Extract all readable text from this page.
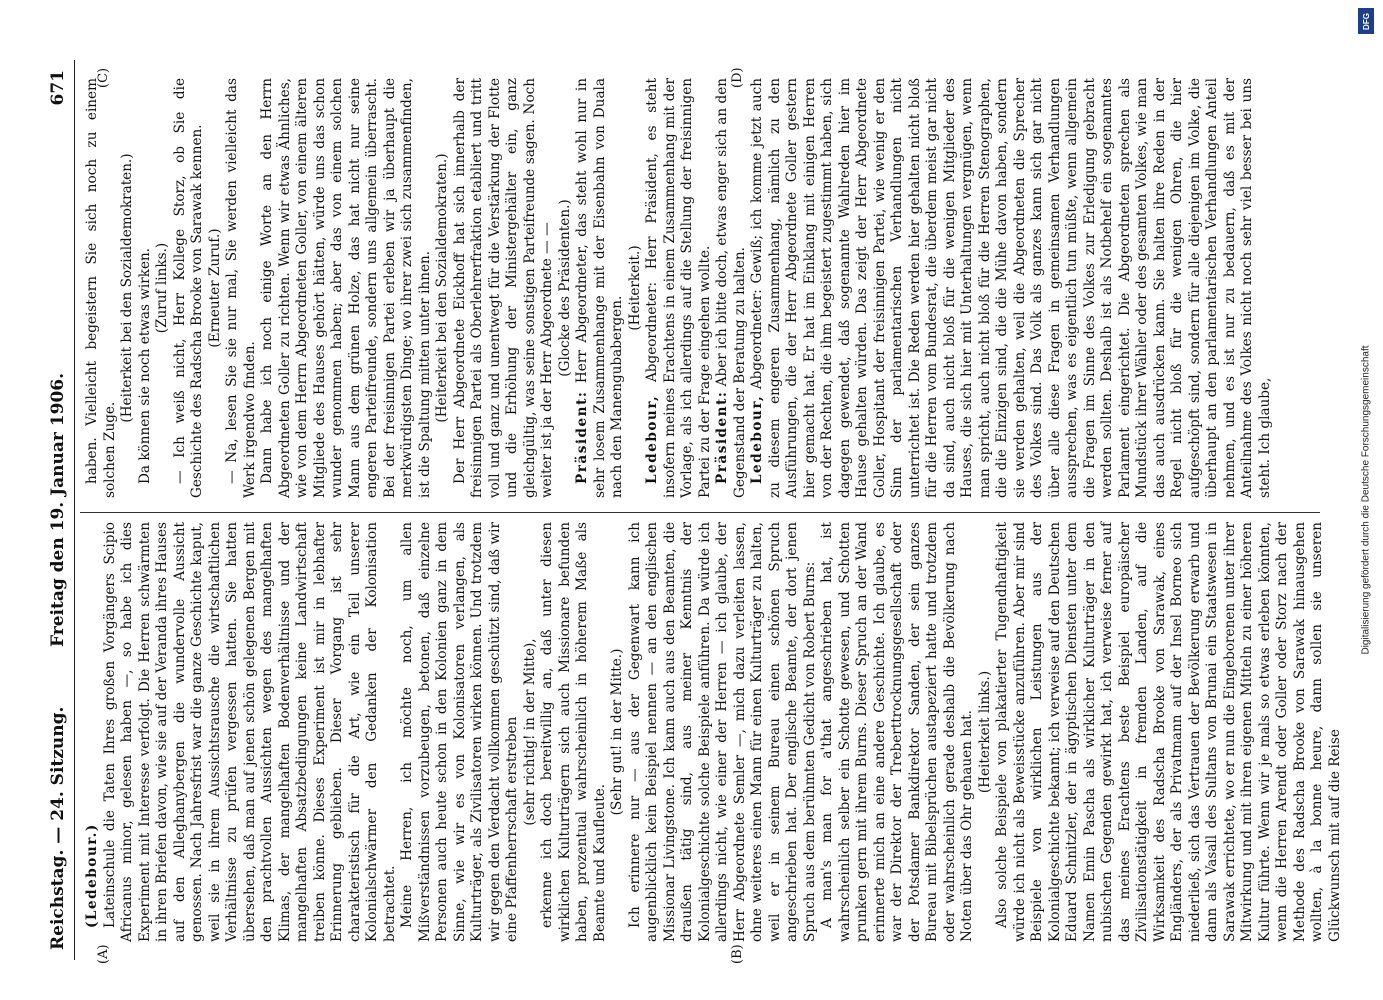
Reichstag. — 24. Sitzung.
Freitag den 19. Januar 1906.
671
(A)	(B)
(C)	(D)

(Ledebour.) Lateinschule die Taten Ihres großen Vorgängers Scipio Africanus minor, gelesen haben —, so habe ich dies Experiment mit Interesse verfolgt. Die Herren schwärmten in ihren Briefen davon, wie sie auf der Veranda ihres Hauses auf den Alleghanybergen die wundervolle Aussicht genossen. Nach Jahresfrist war die ganze Geschichte kaput, weil sie in ihrem Aussichtsrausche die wirtschaftlichen Verhältnisse zu prüfen vergessen hatten. Sie hatten übersehen, daß man auf jenen schön gelegenen Bergen mit den prachtvollen Aussichten wegen des mangelhaften Klimas, der mangelhaften Bodenverhältnisse und der mangelhaften Absatzbedingungen keine Landwirtschaft treiben könne. Dieses Experiment ist mir in lebhafter Erinnerung geblieben. Dieser Vorgang ist sehr charakteristisch für die Art, wie ein Teil unserer Kolonialschwärmer den Gedanken der Kolonisation betrachtet. Meine Herren, ich möchte noch, um allen Mißverständnissen vorzubeugen, betonen, daß einzelne Personen auch heute schon in den Kolonien ganz in dem Sinne, wie wir es von Kolonisatoren verlangen, als Kulturträger, als Zivilisatoren wirken können. Und trotzdem wir gegen den Verdacht vollkommen geschützt sind, daß wir eine Pfaffenherrschaft erstreben (sehr richtig! in der Mitte), erkenne ich doch bereitwillig an, daß unter diesen wirklichen Kulturträgern sich auch Missionare befunden haben, prozentual wahrscheinlich in höherem Maße als Beamte und Kaufleute.

(Sehr gut! in der Mitte.) Ich erinnere nur — aus der Gegenwart kann ich augenblicklich kein Beispiel nennen — an den englischen Missionar Livingstone. Ich kann auch aus den Beamten, die draußen tätig sind, aus meiner Kenntnis der Kolonialgeschichte solche Beispiele anführen. Da würde ich allerdings nicht, wie einer der Herren — ich glaube, der Herr Abgeordnete Semler —, mich dazu verleiten lassen, ohne weiteres einen Mann für einen Kulturträger zu halten, weil er in seinem Bureau einen schönen Spruch angeschrieben hat. Der englische Beamte, der dort jenen Spruch aus dem berühmten Gedicht von Robert Burns: A man's man for a'that angeschrieben hat, ist wahrscheinlich selber ein Schotte gewesen, und Schotten prunken gern mit ihrem Burns. Dieser Spruch an der Wand erinnerte mich an eine andere Geschichte. Ich glaube, es war der Direktor der Treberttrocknungsgesellschaft oder der Potsdamer Bankdirektor Sanden, der sein ganzes Bureau mit Bibelsprüchen austapeziert hatte und trotzdem oder wahrscheinlich gerade deshalb die Bevölkerung nach Noten über das Ohr gehauen hat. (Heiterkeit links.) Also solche Beispiele von plakatierter Tugendhaftigkeit würde ich nicht als Beweisstücke anzuführen. Aber mir sind Beispiele von wirklichen Leistungen aus der Kolonialgeschichte bekannt; ich verweise auf den Deutschen Eduard Schnitzler, der in ägyptischen Diensten unter dem Namen Emin Pascha als wirklicher Kulturträger in den nubischen Gegenden gewirkt hat, ich verweise ferner auf das meines Erachtens beste Beispiel europäischer Zivilisationstätigkeit in fremden Landen, auf die Wirksamkeit des Radscha Brooke von Sarawak, eines Engländers, der als Privatmann auf der Insel Borneo sich niederließ, sich das Vertrauen der Bevölkerung erwarb und dann als Vasall des Sultans von Brunai ein Staatswesen in Sarawak errichtete, wo er nun die Eingeborenen unter ihrer Mitwirkung und mit ihren eigenen Mitteln zu einer höheren Kultur führte. Wenn wir je mals so etwas erleben könnten, wenn die Herren Arendt oder Goller oder Storz nach der Methode des Radscha Brooke von Sarawak hinausgehen wollten, à la bonne heure, dann sollen sie unseren Glückwunsch mit auf die Reise

haben. Vielleicht begeistern Sie sich noch zu einem solchen Zuge.

(Heiterkeit bei den Sozialdemokraten.) Da können sie noch etwas wirken. (Zuruf links.) — Ich weiß nicht, Herr Kollege Storz, ob Sie die Geschichte des Radscha Brooke von Sarawak kennen. (Erneuter Zuruf.) — Na, lesen Sie sie nur mal, Sie werden vielleicht das Werk irgendwo finden. Dann habe ich noch einige Worte an den Herrn Abgeordneten Goller zu richten. Wenn wir etwas Ähnliches, wie von dem Herrn Abgeordneten Goller, von einem älteren Mitgliede des Hauses gehört hätten, würde uns das schon wunder genommen haben; aber das von einem solchen Mann aus dem grünen Holze, das hat nicht nur seine engeren Parteifreunde, sondern uns allgemein überrascht. Bei der freisinnigen Partei erleben wir ja überhaupt die merkwürdigsten Dinge; wo ihrer zwei sich zusammenfinden, ist die Spaltung mitten unter ihnen. (Heiterkeit bei den Sozialdemokraten.) Der Herr Abgeordnete Eickhoff hat sich innerhalb der freisinnigen Partei als Oberlehrerfraktion etabliert und tritt voll und ganz und unentwegt für die Verstärkung der Flotte und die Erhöhung der Ministergehälter ein, ganz gleichgültig, was seine sonstigen Parteifreunde sagen. Noch weiter ist ja der Herr Abgeordnete — — (Glocke des Präsidenten.)

Präsident: Herr Abgeordneter, das steht wohl nur in sehr losem Zusammenhange mit der Eisenbahn von Duala nach den Manengubabergen.

(Heiterkeit.)

Ledebour, Abgeordneter: Herr Präsident, es steht insofern meines Erachtens in einem Zusammenhang mit der Vorlage, als ich allerdings auf die Stellung der freisinnigen Partei zu der Frage eingehen wollte. Präsident: Aber ich bitte doch, etwas enger sich an den Gegenstand der Beratung zu halten. Ledebour, Abgeordneter: Gewiß; ich komme jetzt auch zu diesem engeren Zusammenhang, nämlich zu den Ausführungen, die der Herr Abgeordnete Goller gestern hier gemacht hat. Er hat im Einklang mit einigen Herren von der Rechten, die ihm begeistert zugestimmt haben, sich dagegen gewendet, daß sogenannte Wahlreden hier im Hause gehalten würden. Das zeigt der Herr Abgeordnete Goller, Hospitant der freisinnigen Partei, wie wenig er den Sinn der parlamentarischen Verhandlungen nicht unterrichtet ist. Die Reden werden hier gehalten nicht bloß für die Herren vom Bundesrat, die überdem meist gar nicht da sind, auch nicht bloß für die wenigen Mitglieder des Hauses, die sich hier mit Unterhaltungen vergnügen, wenn man spricht, auch nicht bloß für die Herren Stenographen, die die Einzigen sind, die die Mühe davon haben, sondern sie werden gehalten, weil die Abgeordneten die Sprecher des Volkes sind. Das Volk als ganzes kann sich gar nicht über alle diese Fragen in gemeinsamen Verhandlungen aussprechen, was es eigentlich tun müßte, wenn allgemein die Fragen im Sinne des Volkes zur Erledigung gebracht werden sollten. Deshalb ist als Notbehelf ein sogenanntes Parlament eingerichtet. Die Abgeordneten sprechen als Mundstück ihrer Wähler oder des gesamten Volkes, wie man das auch ausdrücken kann. Sie halten ihre Reden in der Regel nicht bloß für die wenigen Ohren, die hier aufgeschöpft sind, sondern für alle diejenigen im Volke, die überhaupt an den parlamentarischen Verhandlungen Anteil nehmen, und es ist nur zu bedauern, daß es mit der Anteilnahme des Volkes nicht noch sehr viel besser bei uns steht. Ich glaube,	Digitalisierung gefördert durch die Deutsche Forschungsgemeinschaft
DFG
